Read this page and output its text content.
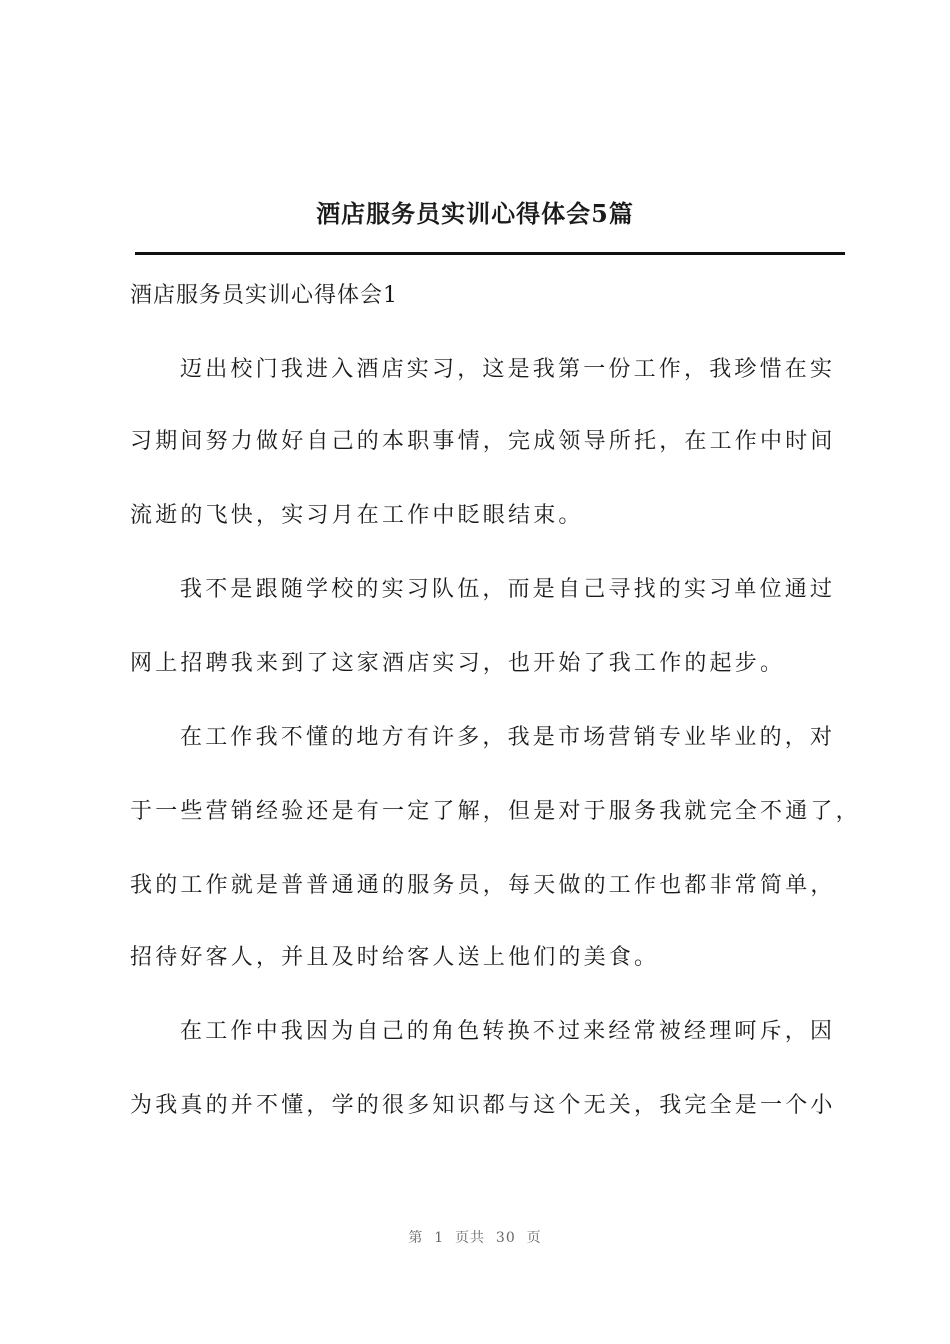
酒店服务员实训心得体会5篇
酒店服务员实训心得体会1
迈出校门我进入酒店实习，这是我第一份工作，我珍惜在实
习期间努力做好自己的本职事情，完成领导所托，在工作中时间
流逝的飞快，实习月在工作中眨眼结束。
我不是跟随学校的实习队伍，而是自己寻找的实习单位通过
网上招聘我来到了这家酒店实习，也开始了我工作的起步。
在工作我不懂的地方有许多，我是市场营销专业毕业的，对
于一些营销经验还是有一定了解，但是对于服务我就完全不通了，
我的工作就是普普通通的服务员，每天做的工作也都非常简单，
招待好客人，并且及时给客人送上他们的美食。
在工作中我因为自己的角色转换不过来经常被经理呵斥，因
为我真的并不懂，学的很多知识都与这个无关，我完全是一个小
第  1  页共  30  页
